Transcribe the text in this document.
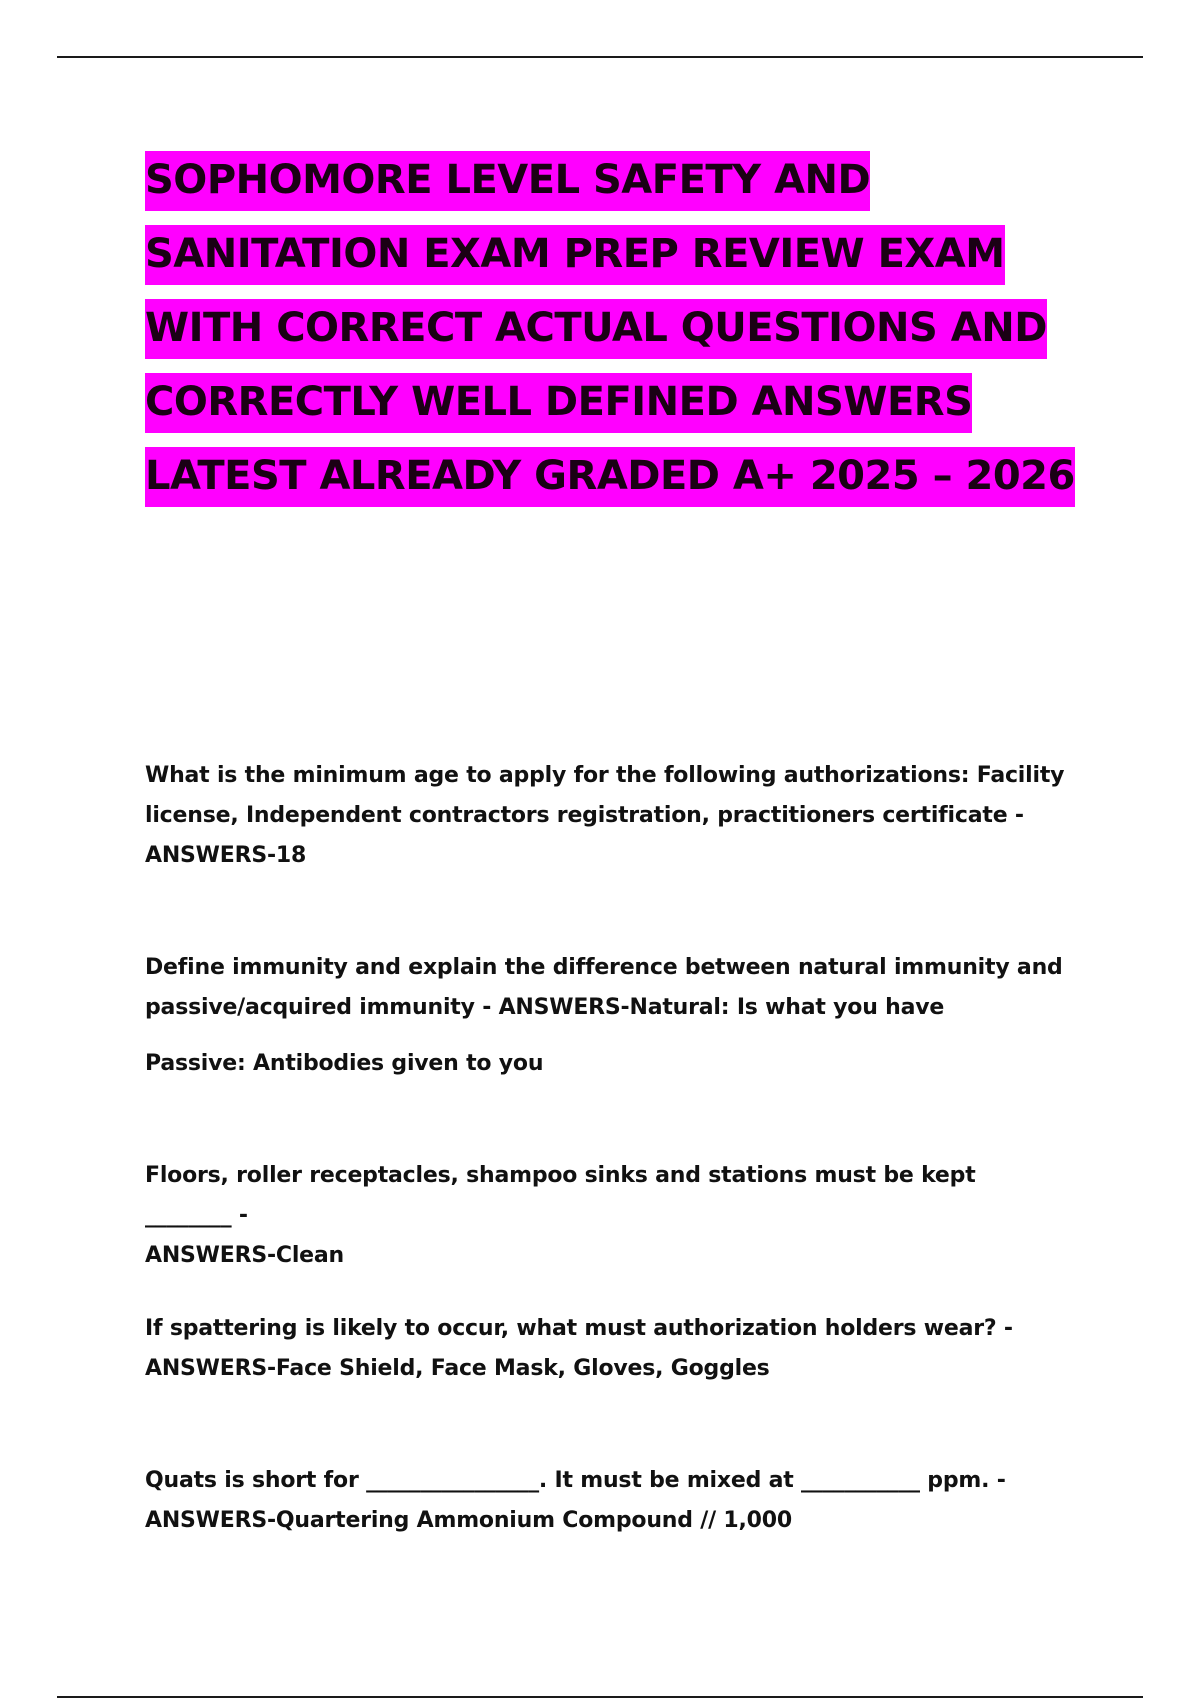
SOPHOMORE LEVEL SAFETY AND
SANITATION EXAM PREP REVIEW EXAM
WITH CORRECT ACTUAL QUESTIONS AND
CORRECTLY WELL DEFINED ANSWERS
LATEST ALREADY GRADED A+ 2025 – 2026

What is the minimum age to apply for the following authorizations: Facility

license, Independent contractors registration, practitioners certificate -

ANSWERS-18

Define immunity and explain the difference between natural immunity and

passive/acquired immunity - ANSWERS-Natural: Is what you have

Passive: Antibodies given to you

Floors, roller receptacles, shampoo sinks and stations must be kept ________ -

ANSWERS-Clean

If spattering is likely to occur, what must authorization holders wear? -

ANSWERS-Face Shield, Face Mask, Gloves, Goggles

Quats is short for ________________. It must be mixed at ___________ ppm. -

ANSWERS-Quartering Ammonium Compound // 1,000
